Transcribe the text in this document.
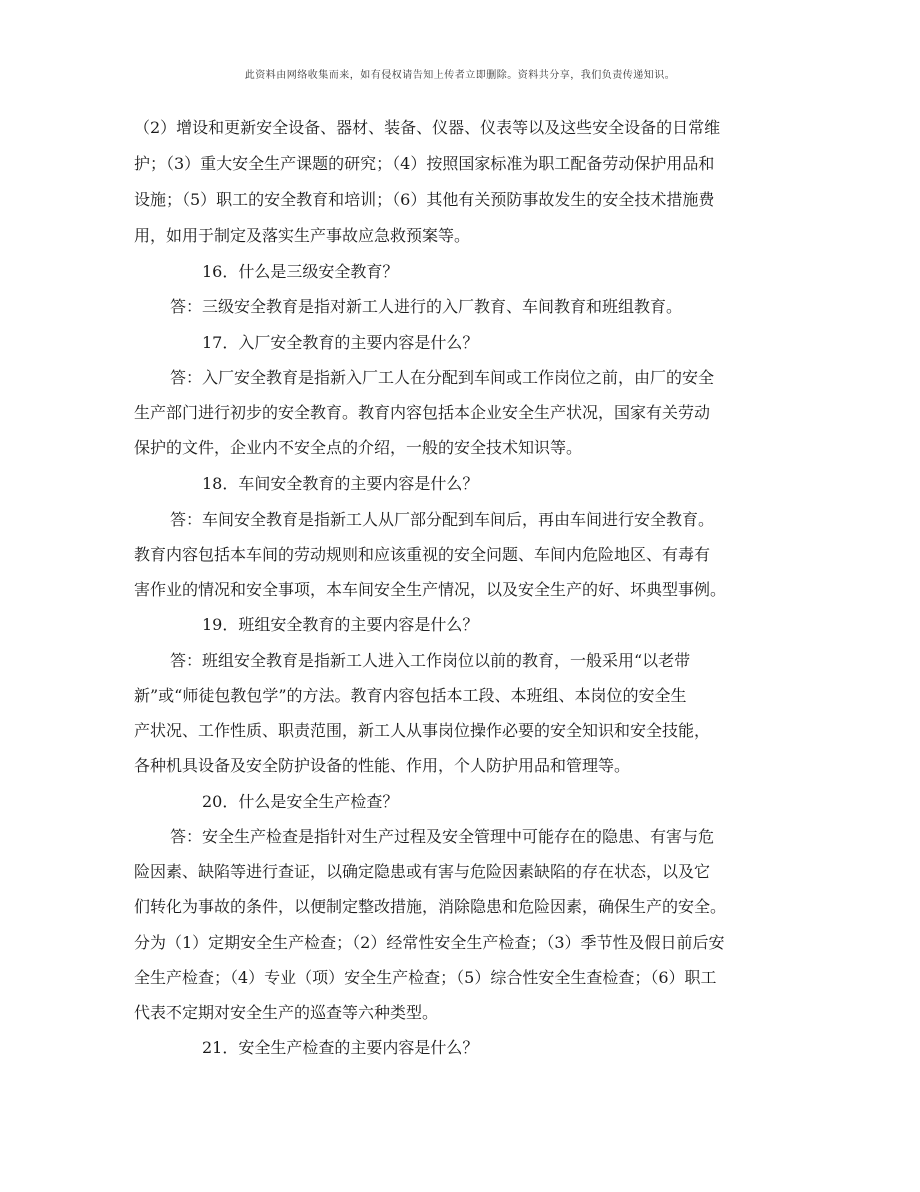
此资料由网络收集而来，如有侵权请告知上传者立即删除。资料共分享，我们负责传递知识。
（2）增设和更新安全设备、器材、装备、仪器、仪表等以及这些安全设备的日常维
护；（3）重大安全生产课题的研究；（4）按照国家标准为职工配备劳动保护用品和
设施；（5）职工的安全教育和培训；（6）其他有关预防事故发生的安全技术措施费
用，如用于制定及落实生产事故应急救预案等。
16．什么是三级安全教育？
答：三级安全教育是指对新工人进行的入厂教育、车间教育和班组教育。
17．入厂安全教育的主要内容是什么？
答：入厂安全教育是指新入厂工人在分配到车间或工作岗位之前，由厂的安全
生产部门进行初步的安全教育。教育内容包括本企业安全生产状况，国家有关劳动
保护的文件，企业内不安全点的介绍，一般的安全技术知识等。
18．车间安全教育的主要内容是什么？
答：车间安全教育是指新工人从厂部分配到车间后，再由车间进行安全教育。
教育内容包括本车间的劳动规则和应该重视的安全问题、车间内危险地区、有毒有
害作业的情况和安全事项，本车间安全生产情况，以及安全生产的好、坏典型事例。
19．班组安全教育的主要内容是什么？
答：班组安全教育是指新工人进入工作岗位以前的教育，一般采用“以老带
新”或“师徒包教包学”的方法。教育内容包括本工段、本班组、本岗位的安全生
产状况、工作性质、职责范围，新工人从事岗位操作必要的安全知识和安全技能，
各种机具设备及安全防护设备的性能、作用，个人防护用品和管理等。
20．什么是安全生产检查？
答：安全生产检查是指针对生产过程及安全管理中可能存在的隐患、有害与危
险因素、缺陷等进行查证，以确定隐患或有害与危险因素缺陷的存在状态，以及它
们转化为事故的条件，以便制定整改措施，消除隐患和危险因素，确保生产的安全。
分为（1）定期安全生产检查；（2）经常性安全生产检查；（3）季节性及假日前后安
全生产检查；（4）专业（项）安全生产检查；（5）综合性安全生查检查；（6）职工
代表不定期对安全生产的巡查等六种类型。
21．安全生产检查的主要内容是什么？
